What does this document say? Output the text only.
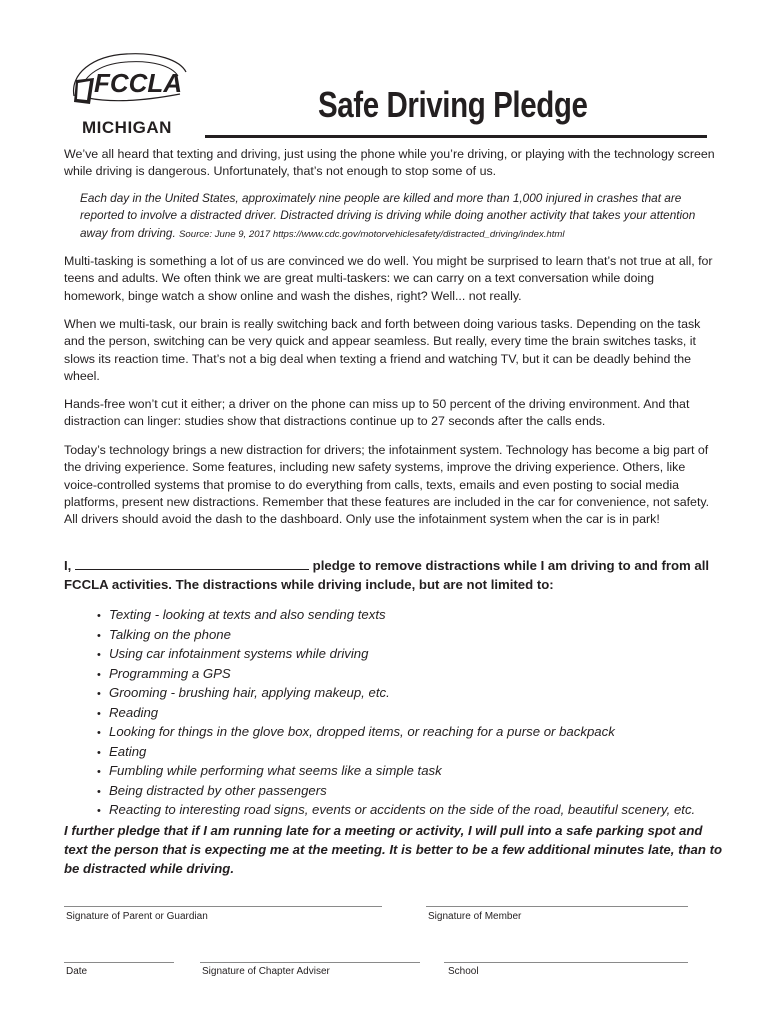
FCCLA
MICHIGAN
Safe Driving Pledge
We’ve all heard that texting and driving, just using the phone while you’re driving, or playing with the technology screen while driving is dangerous. Unfortunately, that’s not enough to stop some of us.
Each day in the United States, approximately nine people are killed and more than 1,000 injured in crashes that are reported to involve a distracted driver. Distracted driving is driving while doing another activity that takes your attention away from driving. Source: June 9, 2017 https://www.cdc.gov/motorvehiclesafety/distracted_driving/index.html
Multi-tasking is something a lot of us are convinced we do well. You might be surprised to learn that’s not true at all, for teens and adults. We often think we are great multi-taskers: we can carry on a text conversation while doing homework, binge watch a show online and wash the dishes, right? Well... not really.
When we multi-task, our brain is really switching back and forth between doing various tasks. Depending on the task and the person, switching can be very quick and appear seamless. But really, every time the brain switches tasks, it slows its reaction time. That’s not a big deal when texting a friend and watching TV, but it can be deadly behind the wheel.
Hands-free won’t cut it either; a driver on the phone can miss up to 50 percent of the driving environment. And that distraction can linger: studies show that distractions continue up to 27 seconds after the calls ends.
Today’s technology brings a new distraction for drivers; the infotainment system. Technology has become a big part of the driving experience. Some features, including new safety systems, improve the driving experience. Others, like voice-controlled systems that promise to do everything from calls, texts, emails and even posting to social media platforms, present new distractions. Remember that these features are included in the car for convenience, not safety. All drivers should avoid the dash to the dashboard. Only use the infotainment system when the car is in park!
I,	pledge to remove distractions while I am driving to and from all FCCLA activities. The distractions while driving include, but are not limited to:
• Texting - looking at texts and also sending texts
• Talking on the phone
• Using car infotainment systems while driving
• Programming a GPS
• Grooming - brushing hair, applying makeup, etc.
• Reading
• Looking for things in the glove box, dropped items, or reaching for a purse or backpack
• Eating
• Fumbling while performing what seems like a simple task
• Being distracted by other passengers
• Reacting to interesting road signs, events or accidents on the side of the road, beautiful scenery, etc.
I further pledge that if I am running late for a meeting or activity, I will pull into a safe parking spot and text the person that is expecting me at the meeting. It is better to be a few additional minutes late, than to be distracted while driving.
Signature of Parent or Guardian	Signature of Member
Date	Signature of Chapter Adviser	School
